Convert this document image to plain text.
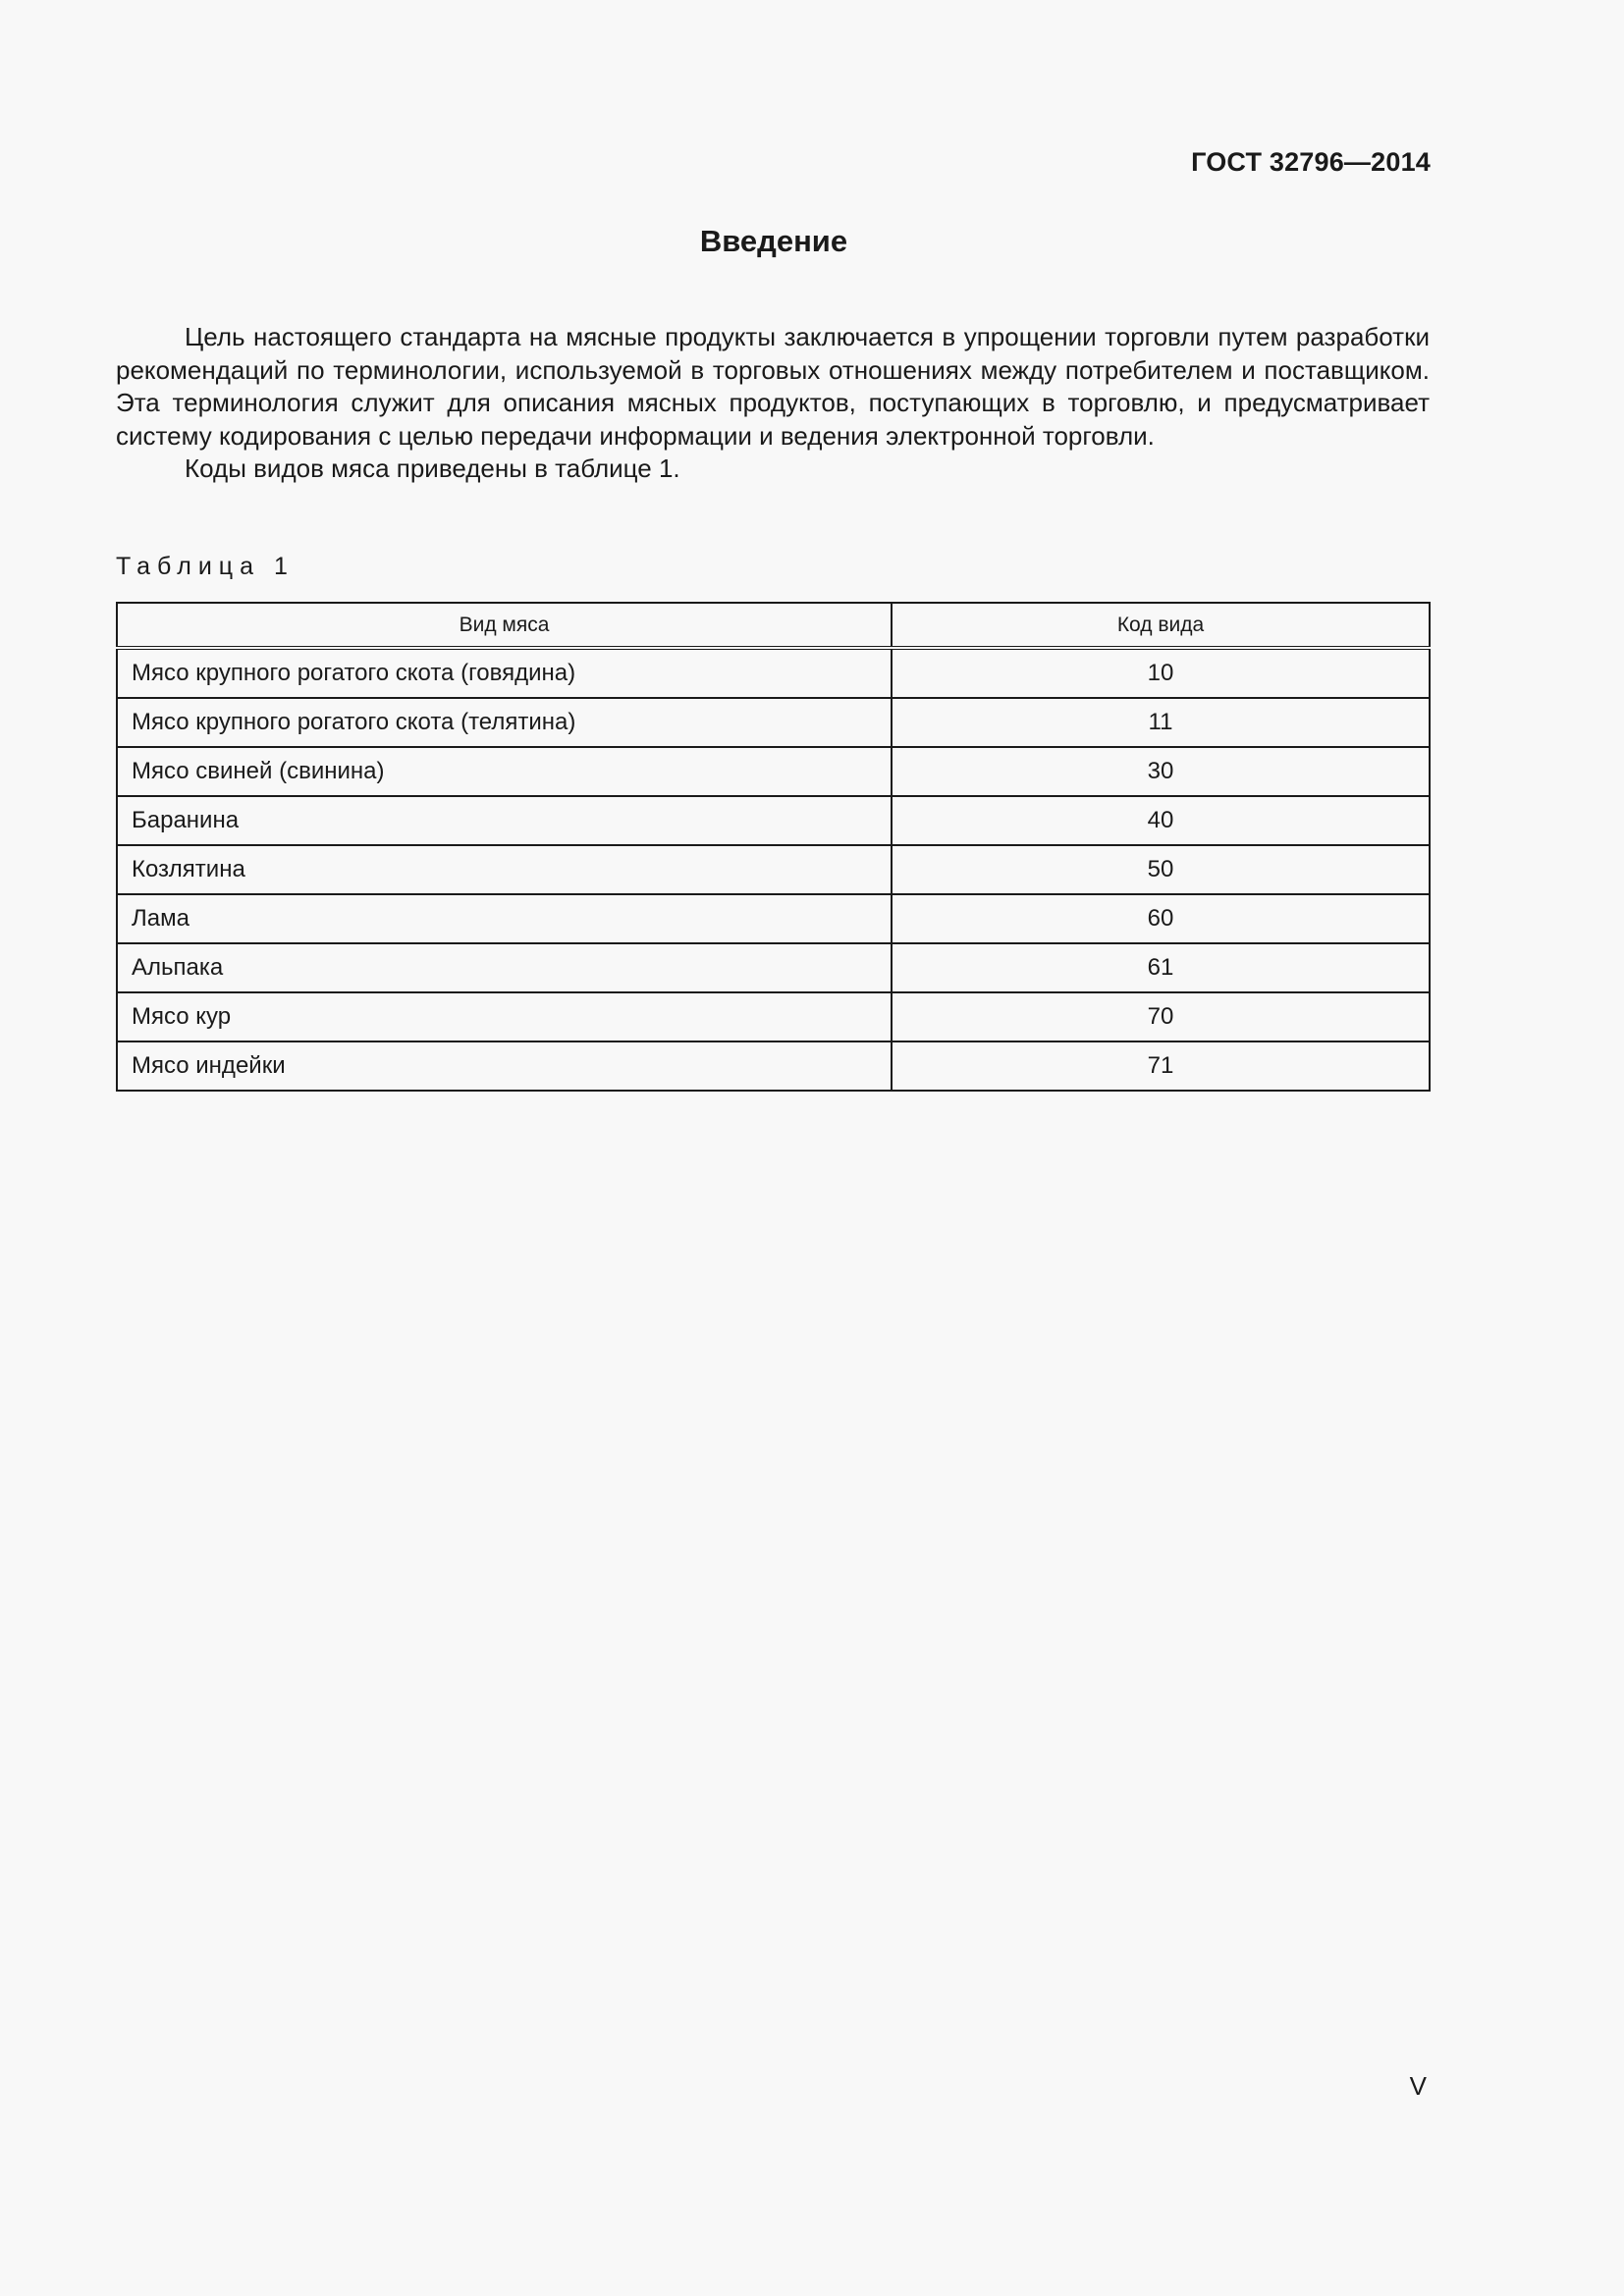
ГОСТ 32796—2014
Введение

Цель настоящего стандарта на мясные продукты заключается в упрощении торговли путем разработки рекомендаций по терминологии, используемой в торговых отношениях между потребителем и поставщиком. Эта терминология служит для описания мясных продуктов, поступающих в торговлю, и предусматривает систему кодирования с целью передачи информации и ведения электронной торговли.

Коды видов мяса приведены в таблице 1.

Таблица 1
Вид мяса	Код вида
Мясо крупного рогатого скота (говядина)	10
Мясо крупного рогатого скота (телятина)	11
Мясо свиней (свинина)	30
Баранина	40
Козлятина	50
Лама	60
Альпака	61
Мясо кур	70
Мясо индейки	71
V
